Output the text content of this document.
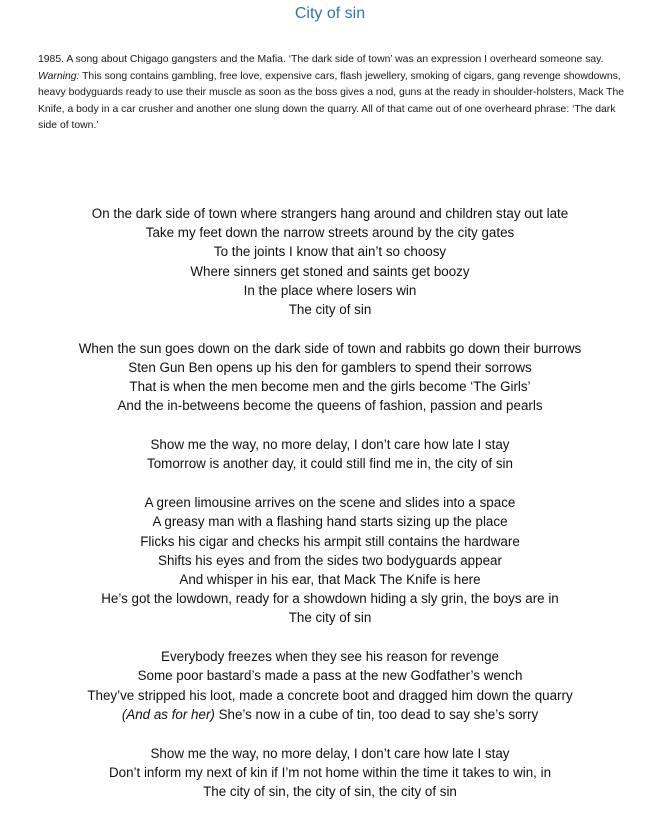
City of sin

1985. A song about Chigago gangsters and the Mafia. ‘The dark side of town’ was an expression I overheard someone say.

Warning: This song contains gambling, free love, expensive cars, flash jewellery, smoking of cigars, gang revenge showdowns, heavy bodyguards ready to use their muscle as soon as the boss gives a nod, guns at the ready in shoulder-holsters, Mack The Knife, a body in a car crusher and another one slung down the quarry. All of that came out of one overheard phrase: ‘The dark side of town.’

On the dark side of town where strangers hang around and children stay out late
Take my feet down the narrow streets around by the city gates
To the joints I know that ain’t so choosy
Where sinners get stoned and saints get boozy
In the place where losers win
The city of sin
When the sun goes down on the dark side of town and rabbits go down their burrows
Sten Gun Ben opens up his den for gamblers to spend their sorrows
That is when the men become men and the girls become ‘The Girls’
And the in-betweens become the queens of fashion, passion and pearls
Show me the way, no more delay, I don’t care how late I stay
Tomorrow is another day, it could still find me in, the city of sin
A green limousine arrives on the scene and slides into a space
A greasy man with a flashing hand starts sizing up the place
Flicks his cigar and checks his armpit still contains the hardware
Shifts his eyes and from the sides two bodyguards appear
And whisper in his ear, that Mack The Knife is here
He’s got the lowdown, ready for a showdown hiding a sly grin, the boys are in
The city of sin
Everybody freezes when they see his reason for revenge
Some poor bastard’s made a pass at the new Godfather’s wench
They’ve stripped his loot, made a concrete boot and dragged him down the quarry
(And as for her) She’s now in a cube of tin, too dead to say she’s sorry
Show me the way, no more delay, I don’t care how late I stay
Don’t inform my next of kin if I’m not home within the time it takes to win, in
The city of sin, the city of sin, the city of sin
